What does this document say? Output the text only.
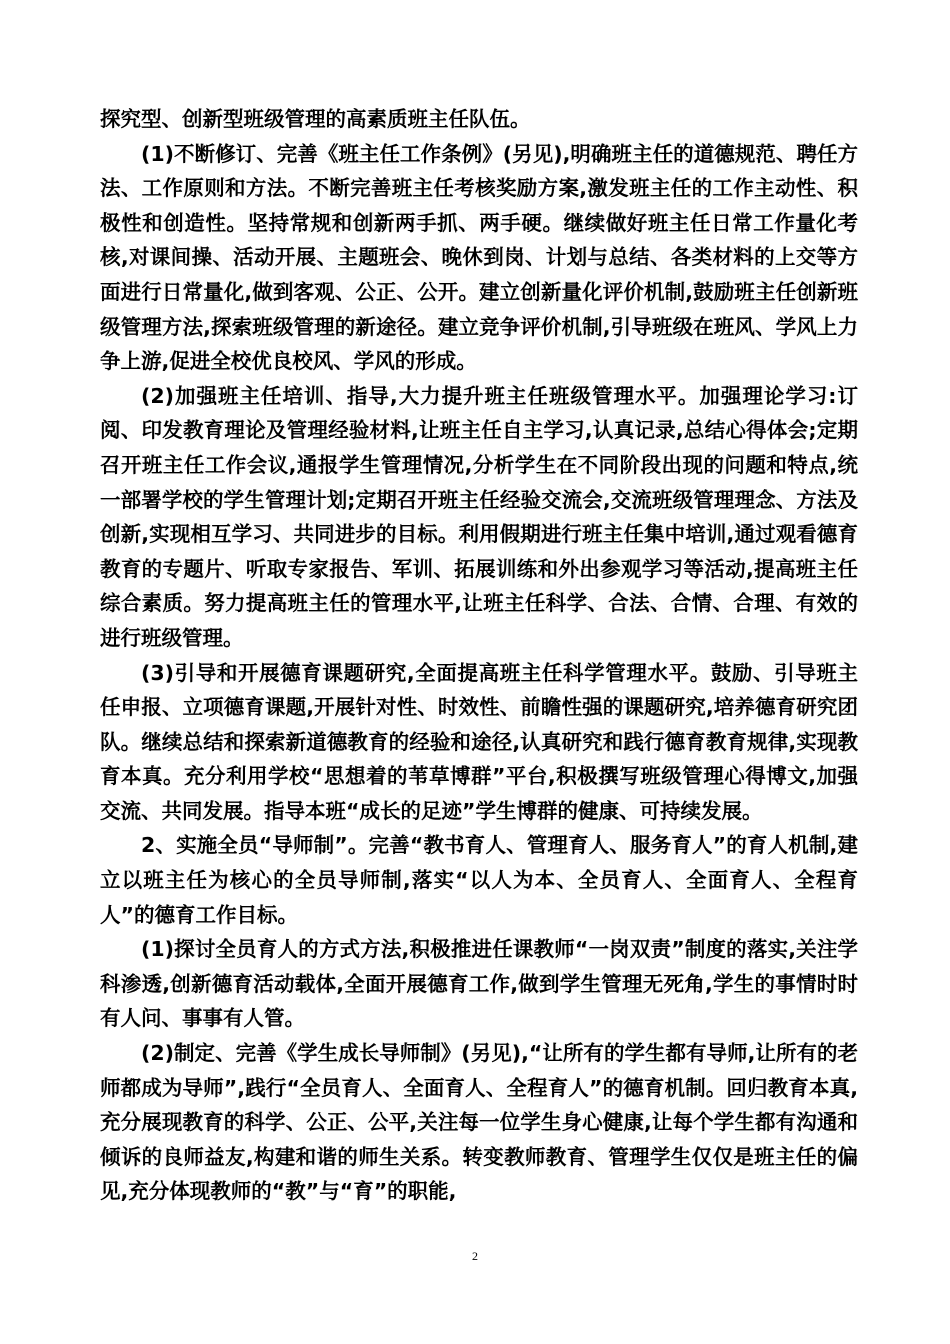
探究型、创新型班级管理的高素质班主任队伍。

(1)不断修订、完善《班主任工作条例》(另见),明确班主任的道德规范、聘任方法、工作原则和方法。不断完善班主任考核奖励方案,激发班主任的工作主动性、积极性和创造性。坚持常规和创新两手抓、两手硬。继续做好班主任日常工作量化考核,对课间操、活动开展、主题班会、晚休到岗、计划与总结、各类材料的上交等方面进行日常量化,做到客观、公正、公开。建立创新量化评价机制,鼓励班主任创新班级管理方法,探索班级管理的新途径。建立竞争评价机制,引导班级在班风、学风上力争上游,促进全校优良校风、学风的形成。

(2)加强班主任培训、指导,大力提升班主任班级管理水平。加强理论学习:订阅、印发教育理论及管理经验材料,让班主任自主学习,认真记录,总结心得体会;定期召开班主任工作会议,通报学生管理情况,分析学生在不同阶段出现的问题和特点,统一部署学校的学生管理计划;定期召开班主任经验交流会,交流班级管理理念、方法及创新,实现相互学习、共同进步的目标。利用假期进行班主任集中培训,通过观看德育教育的专题片、听取专家报告、军训、拓展训练和外出参观学习等活动,提高班主任综合素质。努力提高班主任的管理水平,让班主任科学、合法、合情、合理、有效的进行班级管理。

(3)引导和开展德育课题研究,全面提高班主任科学管理水平。鼓励、引导班主任申报、立项德育课题,开展针对性、时效性、前瞻性强的课题研究,培养德育研究团队。继续总结和探索新道德教育的经验和途径,认真研究和践行德育教育规律,实现教育本真。充分利用学校“思想着的苇草博群”平台,积极撰写班级管理心得博文,加强交流、共同发展。指导本班“成长的足迹”学生博群的健康、可持续发展。

2、实施全员“导师制”。完善“教书育人、管理育人、服务育人”的育人机制,建立以班主任为核心的全员导师制,落实“以人为本、全员育人、全面育人、全程育人”的德育工作目标。

(1)探讨全员育人的方式方法,积极推进任课教师“一岗双责”制度的落实,关注学科渗透,创新德育活动载体,全面开展德育工作,做到学生管理无死角,学生的事情时时有人问、事事有人管。

(2)制定、完善《学生成长导师制》(另见),“让所有的学生都有导师,让所有的老师都成为导师”,践行“全员育人、全面育人、全程育人”的德育机制。回归教育本真,充分展现教育的科学、公正、公平,关注每一位学生身心健康,让每个学生都有沟通和倾诉的良师益友,构建和谐的师生关系。转变教师教育、管理学生仅仅是班主任的偏见,充分体现教师的“教”与“育”的职能,

2
